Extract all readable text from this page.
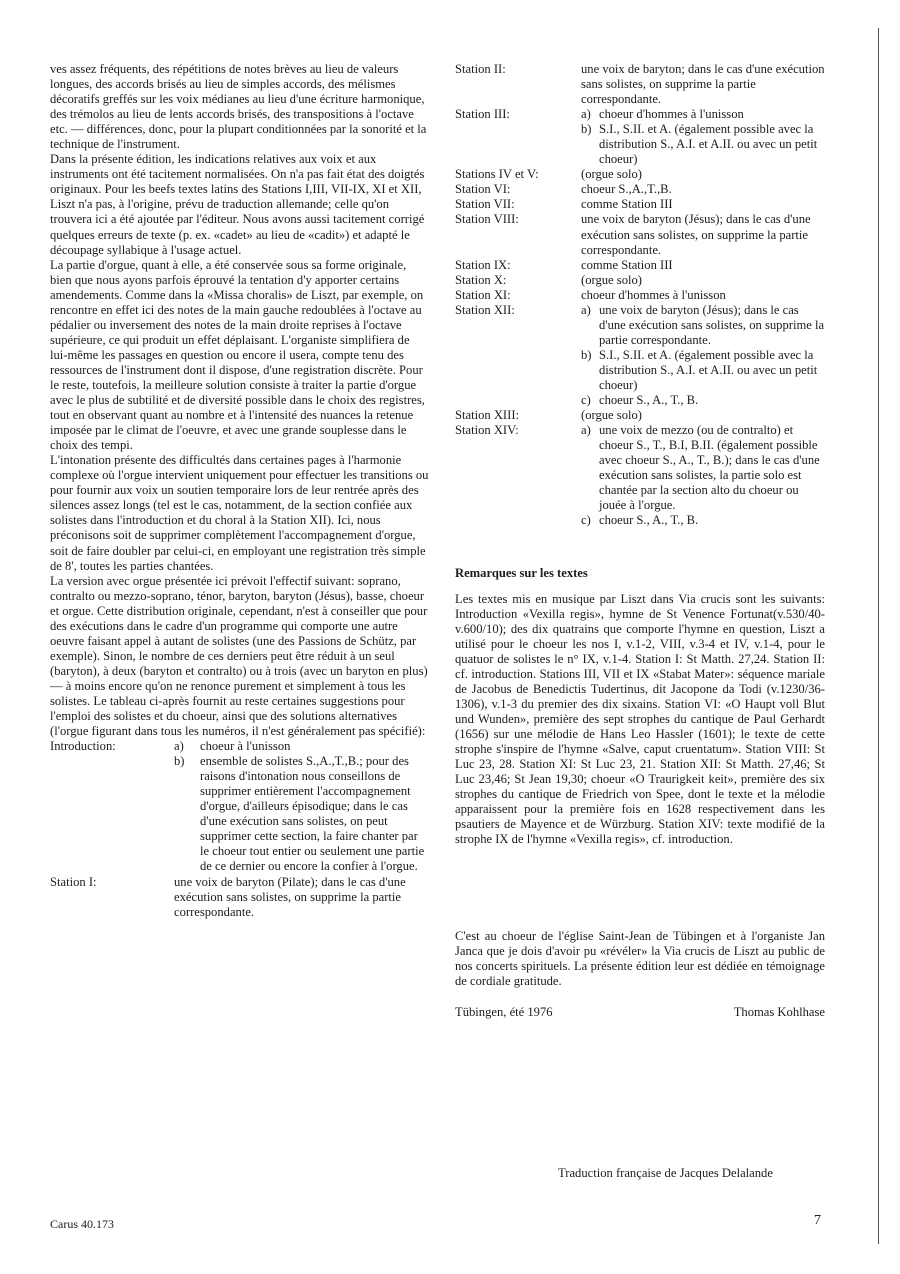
ves assez fréquents, des répétitions de notes brèves au lieu de valeurs longues, des accords brisés au lieu de simples accords, des mélismes décoratifs greffés sur les voix médianes au lieu d'une écriture harmonique, des trémolos au lieu de lents accords brisés, des transpositions à l'octave etc. — différences, donc, pour la plupart conditionnées par la sonorité et la technique de l'instrument.

Dans la présente édition, les indications relatives aux voix et aux instruments ont été tacitement normalisées. On n'a pas fait état des doigtés originaux. Pour les beefs textes latins des Stations I,III, VII-IX, XI et XII, Liszt n'a pas, à l'origine, prévu de traduction allemande; celle qu'on trouvera ici a été ajoutée par l'éditeur. Nous avons aussi tacitement corrigé quelques erreurs de texte (p. ex. «cadet» au lieu de «cadit») et adapté le découpage syllabique à l'usage actuel.

La partie d'orgue, quant à elle, a été conservée sous sa forme originale, bien que nous ayons parfois éprouvé la tentation d'y apporter certains amendements. Comme dans la «Missa choralis» de Liszt, par exemple, on rencontre en effet ici des notes de la main gauche redoublées à l'octave au pédalier ou inversement des notes de la main droite reprises à l'octave supérieure, ce qui produit un effet déplaisant. L'organiste simplifiera de lui-même les passages en question ou encore il usera, compte tenu des ressources de l'instrument dont il dispose, d'une registration discrète. Pour le reste, toutefois, la meilleure solution consiste à traiter la partie d'orgue avec le plus de subtilité et de diversité possible dans le choix des registres, tout en observant quant au nombre et à l'intensité des nuances la retenue imposée par le climat de l'oeuvre, et avec une grande souplesse dans le choix des tempi.

L'intonation présente des difficultés dans certaines pages à l'harmonie complexe où l'orgue intervient uniquement pour effectuer les transitions ou pour fournir aux voix un soutien temporaire lors de leur rentrée après des silences assez longs (tel est le cas, notamment, de la section confiée aux solistes dans l'introduction et du choral à la Station XII). Ici, nous préconisons soit de supprimer complètement l'accompagnement d'orgue, soit de faire doubler par celui-ci, en employant une registration très simple de 8', toutes les parties chantées.

La version avec orgue présentée ici prévoit l'effectif suivant: soprano, contralto ou mezzo-soprano, ténor, baryton, baryton (Jésus), basse, choeur et orgue. Cette distribution originale, cependant, n'est à conseiller que pour des exécutions dans le cadre d'un programme qui comporte une autre oeuvre faisant appel à autant de solistes (une des Passions de Schütz, par exemple). Sinon, le nombre de ces derniers peut être réduit à un seul (baryton), à deux (baryton et contralto) ou à trois (avec un baryton en plus) — à moins encore qu'on ne renonce purement et simplement à tous les solistes. Le tableau ci-après fournit au reste certaines suggestions pour l'emploi des solistes et du choeur, ainsi que des solutions alternatives (l'orgue figurant dans tous les numéros, il n'est généralement pas spécifié):

Introduction:	a)	choeur à l'unisson
b)	ensemble de solistes S.,A.,T.,B.; pour des raisons d'intonation nous conseillons de supprimer entièrement l'accompagnement d'orgue, d'ailleurs épisodique; dans le cas d'une exécution sans solistes, on peut supprimer cette section, la faire chanter par le choeur tout entier ou seulement une partie de ce dernier ou encore la confier à l'orgue.
Station I:	une voix de baryton (Pilate); dans le cas d'une exécution sans solistes, on supprime la partie correspondante.
Station II:	une voix de baryton; dans le cas d'une exécution sans solistes, on supprime la partie correspondante.
Station III:	a) choeur d'hommes à l'unisson
b) S.I., S.II. et A. (également possible avec la distribution S., A.I. et A.II. ou avec un petit choeur)
Stations IV et V:	(orgue solo)
Station VI:	choeur S.,A.,T.,B.
Station VII:	comme Station III
Station VIII:	une voix de baryton (Jésus); dans le cas d'une exécution sans solistes, on supprime la partie correspondante.
Station IX:	comme Station III
Station X:	(orgue solo)
Station XI:	choeur d'hommes à l'unisson
Station XII:	a) une voix de baryton (Jésus); dans le cas d'une exécution sans solistes, on supprime la partie correspondante.
b) S.I., S.II. et A. (également possible avec la distribution S., A.I. et A.II. ou avec un petit choeur)
c) choeur S., A., T., B.
Station XIII:	(orgue solo)
Station XIV:	a) une voix de mezzo (ou de contralto) et choeur S., T., B.I, B.II. (également possible avec choeur S., A., T., B.); dans le cas d'une exécution sans solistes, la partie solo est chantée par la section alto du choeur ou jouée à l'orgue.
c) choeur S., A., T., B.
Remarques sur les textes

Les textes mis en musique par Liszt dans Via crucis sont les suivants: Introduction «Vexilla regis», hymne de St Venence Fortunat(v.530/40- v.600/10); des dix quatrains que comporte l'hymne en question, Liszt a utilisé pour le choeur les nos I, v.1-2, VIII, v.3-4 et IV, v.1-4, pour le quatuor de solistes le n° IX, v.1-4. Station I: St Matth. 27,24. Station II: cf. introduction. Stations III, VII et IX «Stabat Mater»: séquence mariale de Jacobus de Benedictis Tudertinus, dit Jacopone da Todi (v.1230/36-1306), v.1-3 du premier des dix sixains. Station VI: «O Haupt voll Blut und Wunden», première des sept strophes du cantique de Paul Gerhardt (1656) sur une mélodie de Hans Leo Hassler (1601); le texte de cette strophe s'inspire de l'hymne «Salve, caput cruentatum». Station VIII: St Luc 23, 28. Station XI: St Luc 23, 21. Station XII: St Matth. 27,46; St Luc 23,46; St Jean 19,30; choeur «O Traurigkeit keit», première des six strophes du cantique de Friedrich von Spee, dont le texte et la mélodie apparaissent pour la première fois en 1628 respectivement dans les psautiers de Mayence et de Würzburg. Station XIV: texte modifié de la strophe IX de l'hymne «Vexilla regis», cf. introduction.

C'est au choeur de l'église Saint-Jean de Tübingen et à l'organiste Jan Janca que je dois d'avoir pu «révéler» la Via crucis de Liszt au public de nos concerts spirituels. La présente édition leur est dédiée en témoignage de cordiale gratitude.

Tübingen, été 1976	Thomas Kohlhase
Traduction française de Jacques Delalande
Carus 40.173	7
